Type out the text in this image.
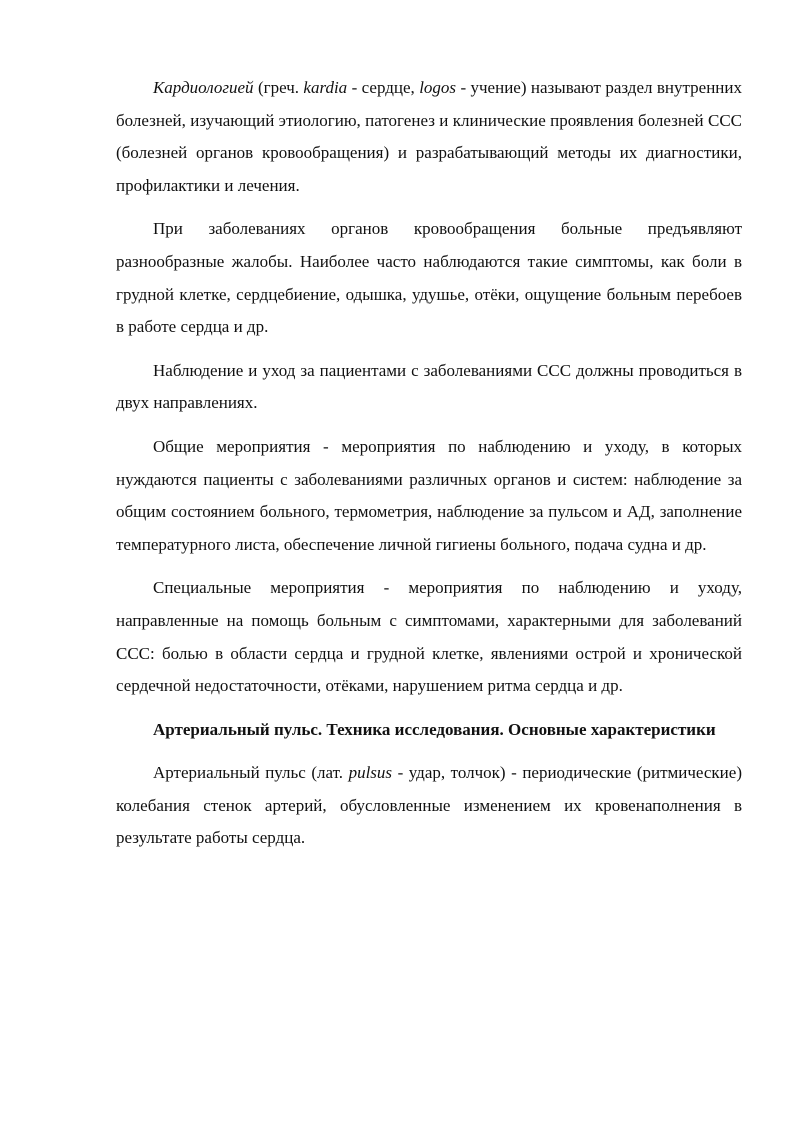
Кардиологией (греч. kardia - сердце, logos - учение) называют раздел внутренних болезней, изучающий этиологию, патогенез и клинические проявления болезней ССС (болезней органов кровообращения) и разрабатывающий методы их диагностики, профилактики и лечения.

При заболеваниях органов кровообращения больные предъявляют разнообразные жалобы. Наиболее часто наблюдаются такие симптомы, как боли в грудной клетке, сердцебиение, одышка, удушье, отёки, ощущение больным перебоев в работе сердца и др.

Наблюдение и уход за пациентами с заболеваниями ССС должны проводиться в двух направлениях.

Общие мероприятия - мероприятия по наблюдению и уходу, в которых нуждаются пациенты с заболеваниями различных органов и систем: наблюдение за общим состоянием больного, термометрия, наблюдение за пульсом и АД, заполнение температурного листа, обеспечение личной гигиены больного, подача судна и др.

Специальные мероприятия - мероприятия по наблюдению и уходу, направленные на помощь больным с симптомами, характерными для заболеваний ССС: болью в области сердца и грудной клетке, явлениями острой и хронической сердечной недостаточности, отёками, нарушением ритма сердца и др.

Артериальный пульс. Техника исследования. Основные характеристики

Артериальный пульс (лат. pulsus - удар, толчок) - периодические (ритмические) колебания стенок артерий, обусловленные изменением их кровенаполнения в результате работы сердца.
